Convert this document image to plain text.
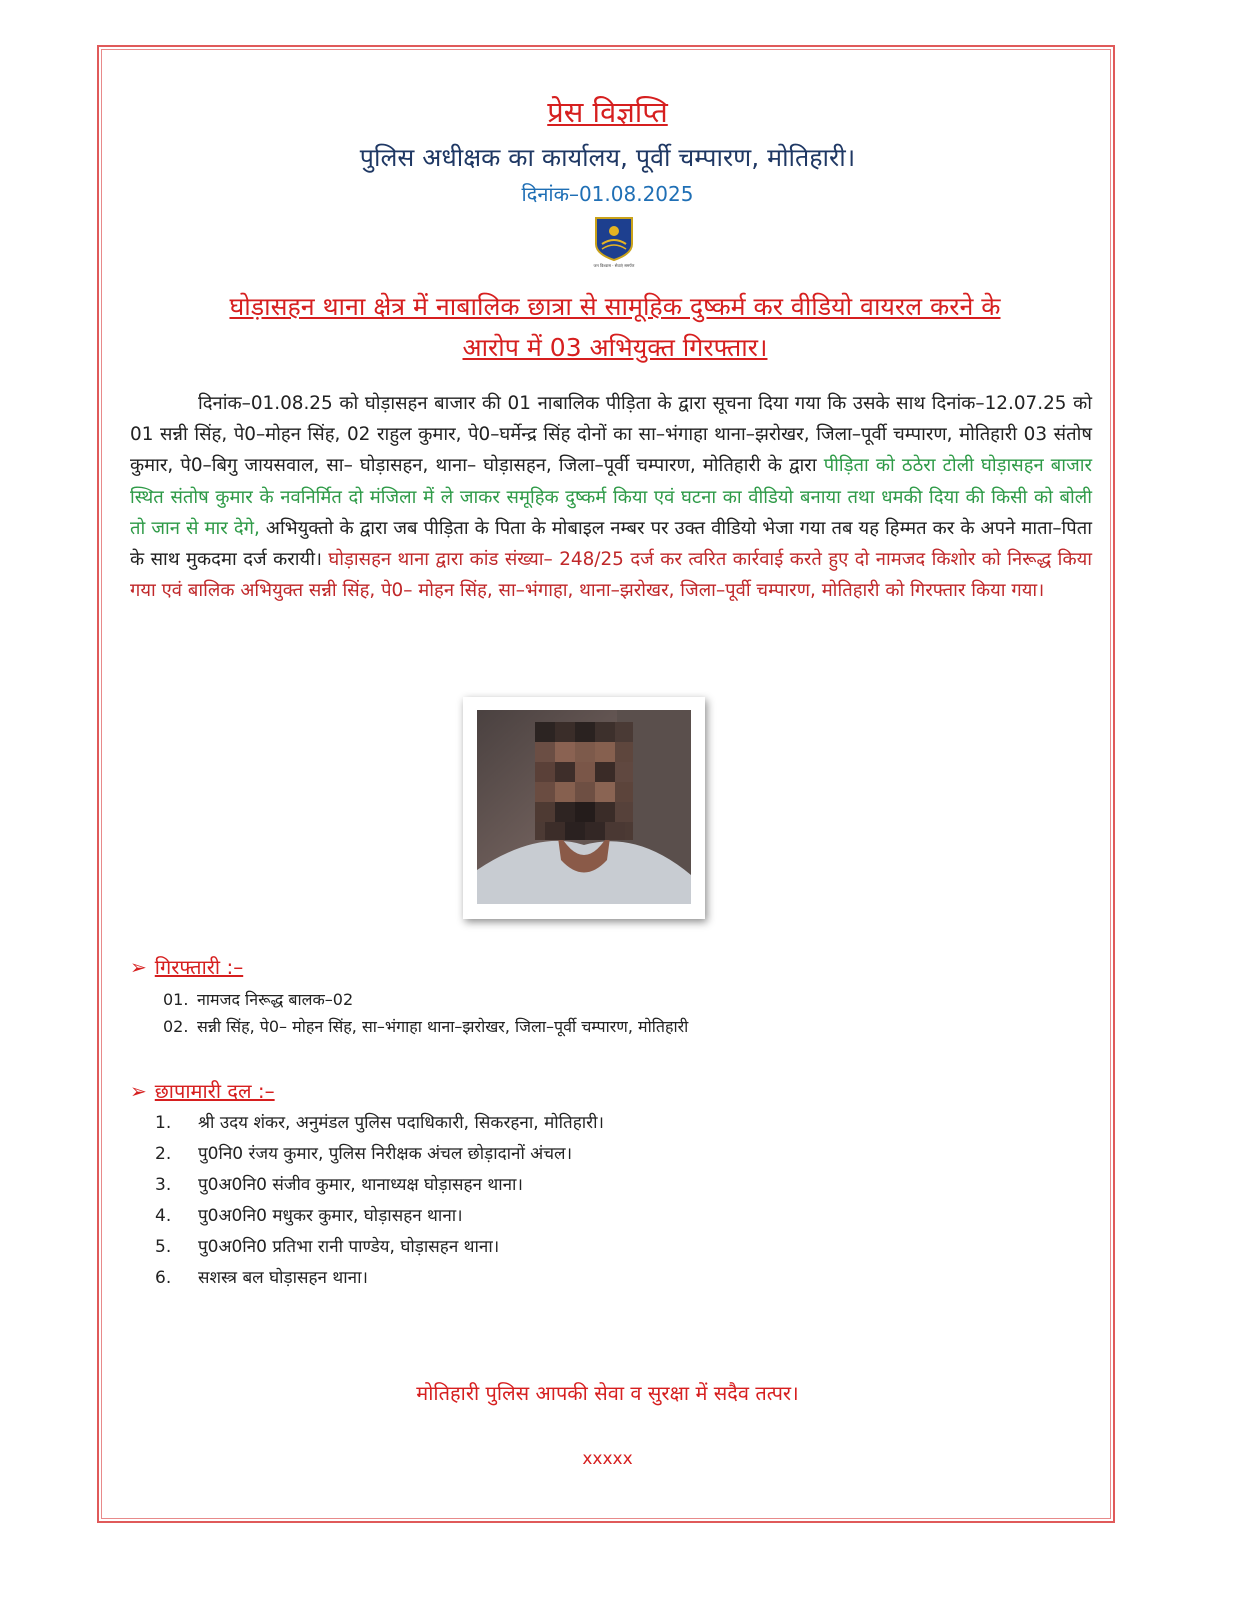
प्रेस विज्ञप्ति
पुलिस अधीक्षक का कार्यालय, पूर्वी चम्पारण, मोतिहारी।
दिनांक–01.08.2025
जन विश्वास · सेवाएं समर्पण
घोड़ासहन थाना क्षेत्र में नाबालिक छात्रा से सामूहिक दुष्कर्म कर वीडियो वायरल करने के
आरोप में 03 अभियुक्त गिरफ्तार।
दिनांक–01.08.25 को घोड़ासहन बाजार की 01 नाबालिक पीड़िता के द्वारा सूचना दिया गया कि उसके साथ दिनांक–12.07.25 को 01 सन्नी सिंह, पे0–मोहन सिंह, 02 राहुल कुमार, पे0–घर्मेन्द्र सिंह दोनों का सा–भंगाहा थाना–झरोखर, जिला–पूर्वी चम्पारण, मोतिहारी 03 संतोष कुमार, पे0–बिगु जायसवाल, सा– घोड़ासहन, थाना– घोड़ासहन, जिला–पूर्वी चम्पारण, मोतिहारी के द्वारा पीड़िता को ठठेरा टोली घोड़ासहन बाजार स्थित संतोष कुमार के नवनिर्मित दो मंजिला में ले जाकर समूहिक दुष्कर्म किया एवं घटना का वीडियो बनाया तथा धमकी दिया की किसी को बोली तो जान से मार देगे, अभियुक्तो के द्वारा जब पीड़िता के पिता के मोबाइल नम्बर पर उक्त वीडियो भेजा गया तब यह हिम्मत कर के अपने माता–पिता के साथ मुकदमा दर्ज करायी। घोड़ासहन थाना द्वारा कांड संख्या– 248/25 दर्ज कर त्वरित कार्रवाई करते हुए दो नामजद किशोर को निरूद्ध किया गया एवं बालिक अभियुक्त सन्नी सिंह, पे0– मोहन सिंह, सा–भंगाहा, थाना–झरोखर, जिला–पूर्वी चम्पारण, मोतिहारी को गिरफ्तार किया गया।
➢ गिरफ्तारी :–
01. नामजद निरूद्ध बालक–02
02. सन्नी सिंह, पे0– मोहन सिंह, सा–भंगाहा थाना–झरोखर, जिला–पूर्वी चम्पारण, मोतिहारी
➢ छापामारी दल :–
1. श्री उदय शंकर, अनुमंडल पुलिस पदाधिकारी, सिकरहना, मोतिहारी।
2. पु0नि0 रंजय कुमार, पुलिस निरीक्षक अंचल छोड़ादानों अंचल।
3. पु0अ0नि0 संजीव कुमार, थानाध्यक्ष घोड़ासहन थाना।
4. पु0अ0नि0 मधुकर कुमार, घोड़ासहन थाना।
5. पु0अ0नि0 प्रतिभा रानी पाण्डेय, घोड़ासहन थाना।
6. सशस्त्र बल घोड़ासहन थाना।
मोतिहारी पुलिस आपकी सेवा व सुरक्षा में सदैव तत्पर।
xxxxx
